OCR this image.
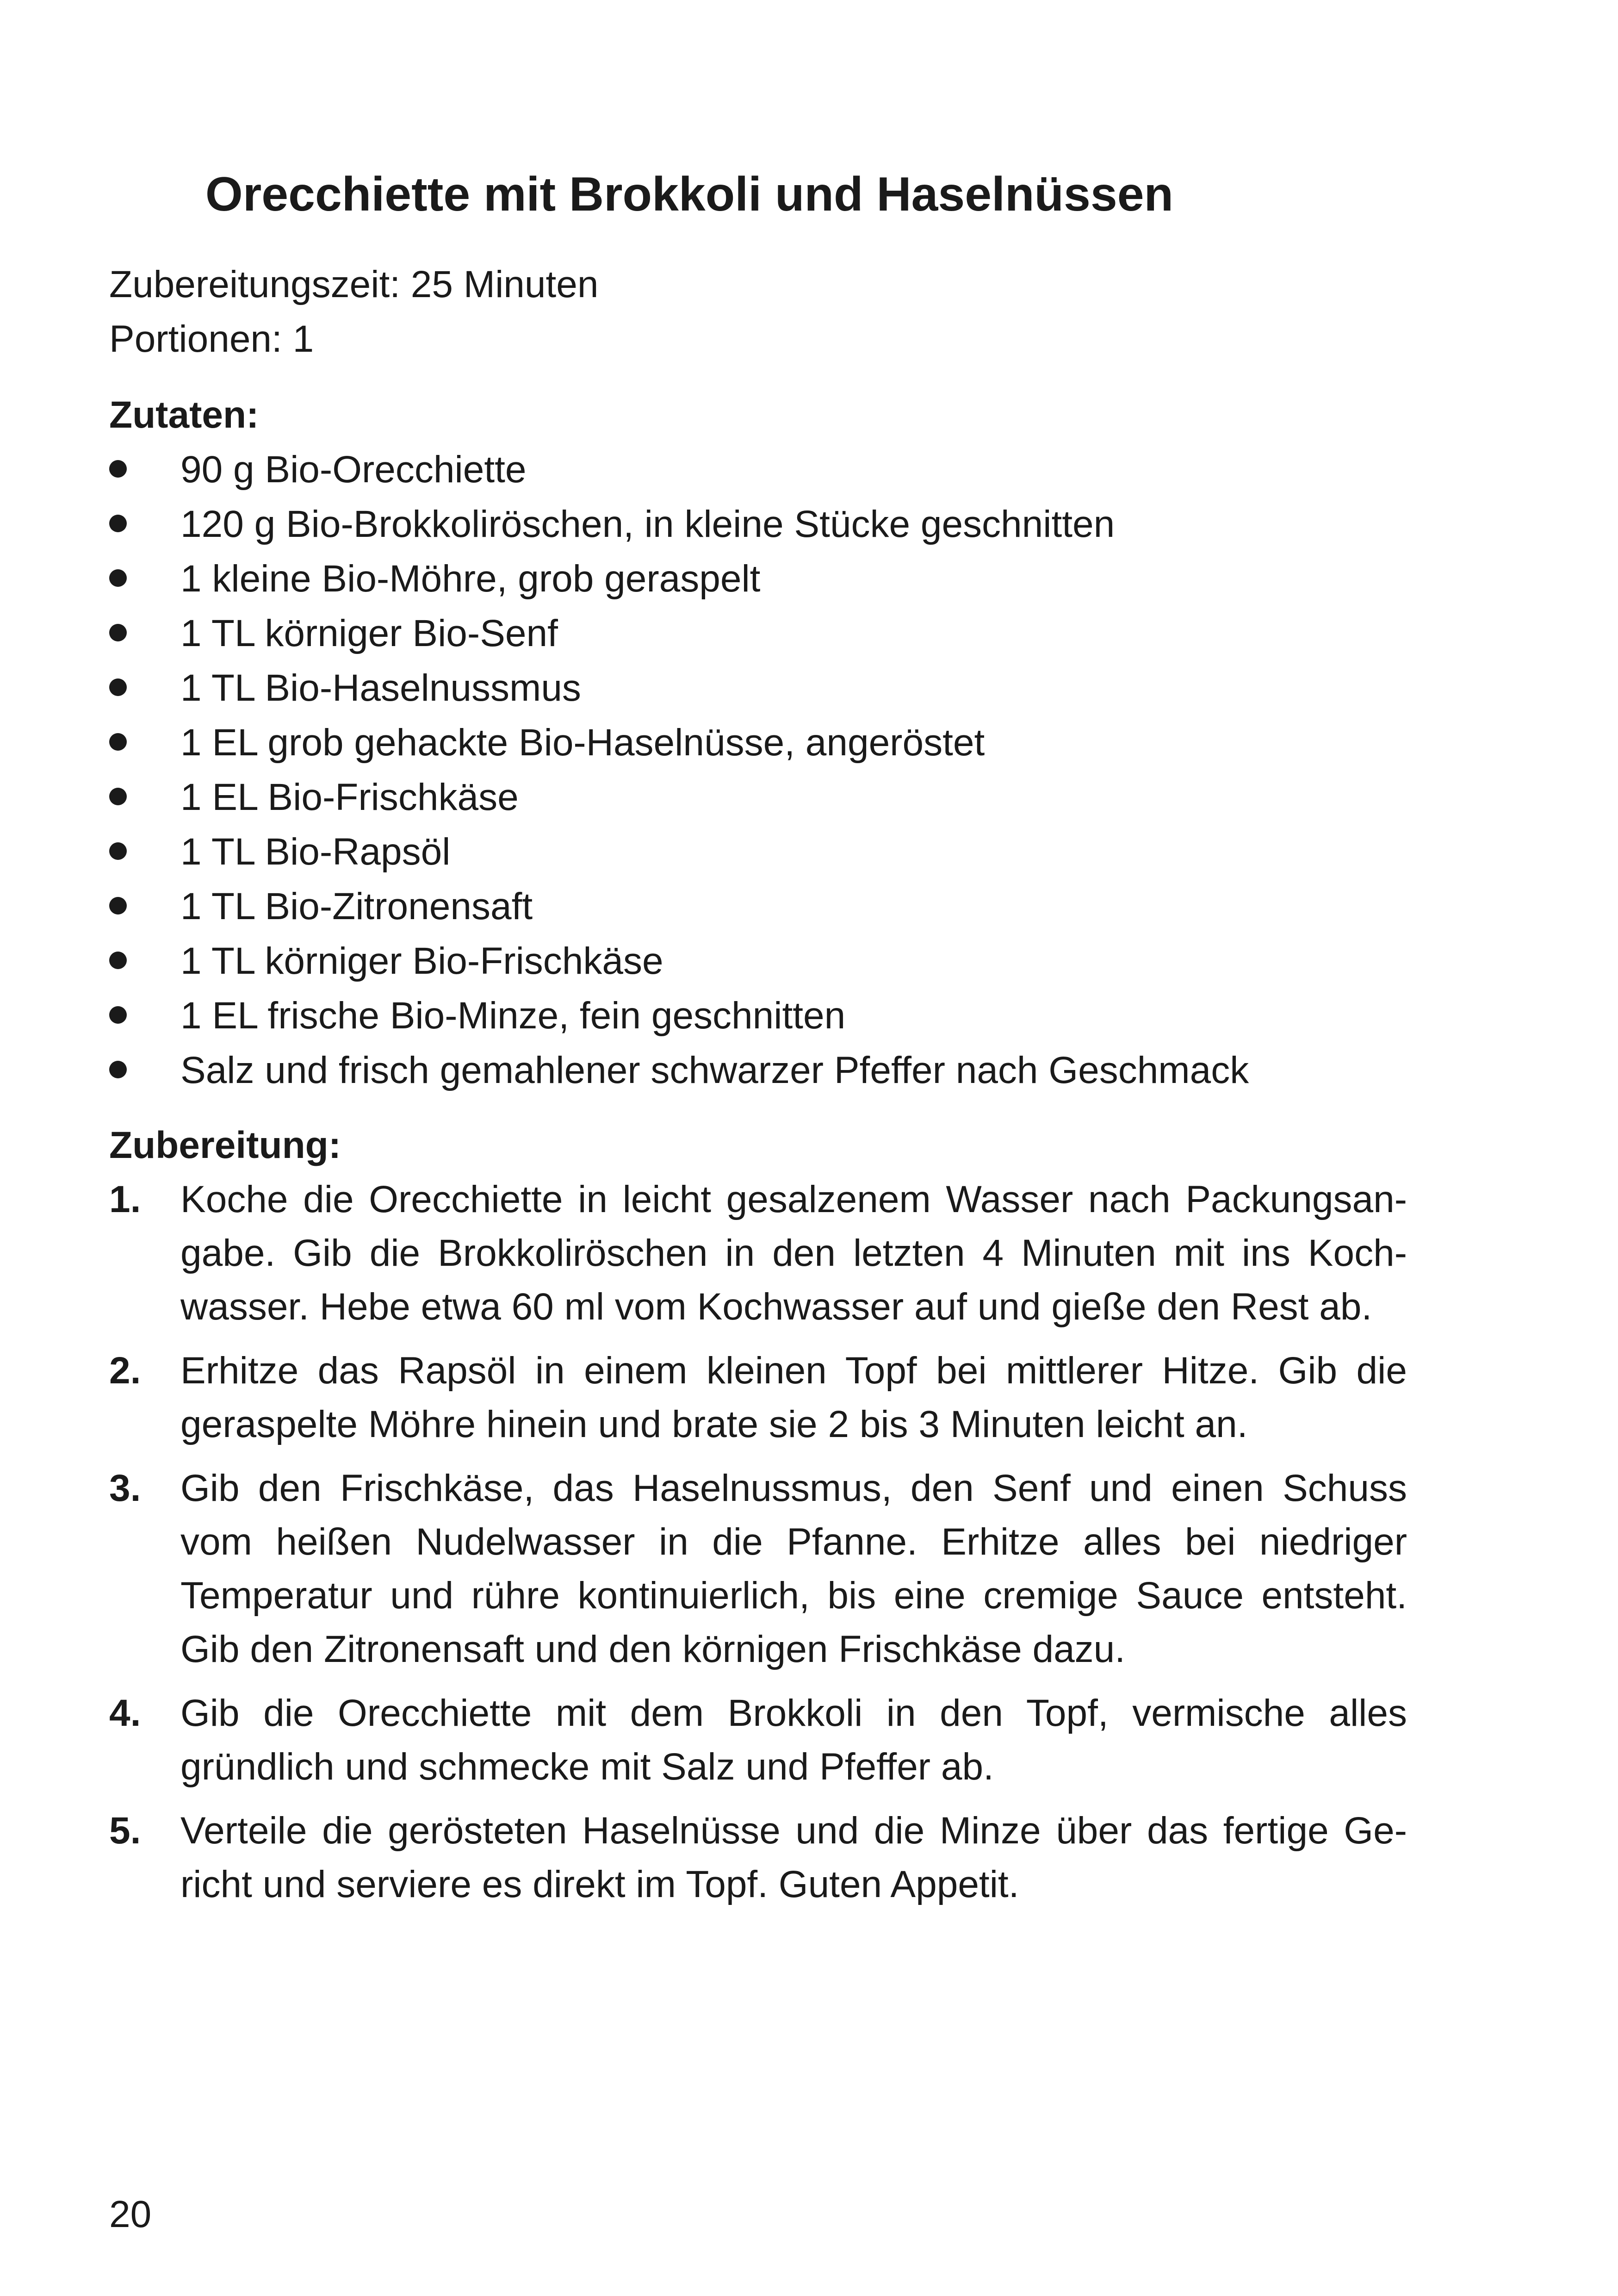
Orecchiette mit Brokkoli und Haselnüssen
Zubereitungszeit: 25 Minuten
Portionen: 1
Zutaten:
90 g Bio-Orecchiette
120 g Bio-Brokkoliröschen, in kleine Stücke geschnitten
1 kleine Bio-Möhre, grob geraspelt
1 TL körniger Bio-Senf
1 TL Bio-Haselnussmus
1 EL grob gehackte Bio-Haselnüsse, angeröstet
1 EL Bio-Frischkäse
1 TL Bio-Rapsöl
1 TL Bio-Zitronensaft
1 TL körniger Bio-Frischkäse
1 EL frische Bio-Minze, fein geschnitten
Salz und frisch gemahlener schwarzer Pfeffer nach Geschmack
Zubereitung:
1. Koche die Orecchiette in leicht gesalzenem Wasser nach Packungsangabe. Gib die Brokkoliröschen in den letzten 4 Minuten mit ins Kochwasser. Hebe etwa 60 ml vom Kochwasser auf und gieße den Rest ab.
2. Erhitze das Rapsöl in einem kleinen Topf bei mittlerer Hitze. Gib die geraspelte Möhre hinein und brate sie 2 bis 3 Minuten leicht an.
3. Gib den Frischkäse, das Haselnussmus, den Senf und einen Schuss vom heißen Nudelwasser in die Pfanne. Erhitze alles bei niedriger Temperatur und rühre kontinuierlich, bis eine cremige Sauce entsteht. Gib den Zitronensaft und den körnigen Frischkäse dazu.
4. Gib die Orecchiette mit dem Brokkoli in den Topf, vermische alles gründlich und schmecke mit Salz und Pfeffer ab.
5. Verteile die gerösteten Haselnüsse und die Minze über das fertige Gericht und serviere es direkt im Topf. Guten Appetit.
20
